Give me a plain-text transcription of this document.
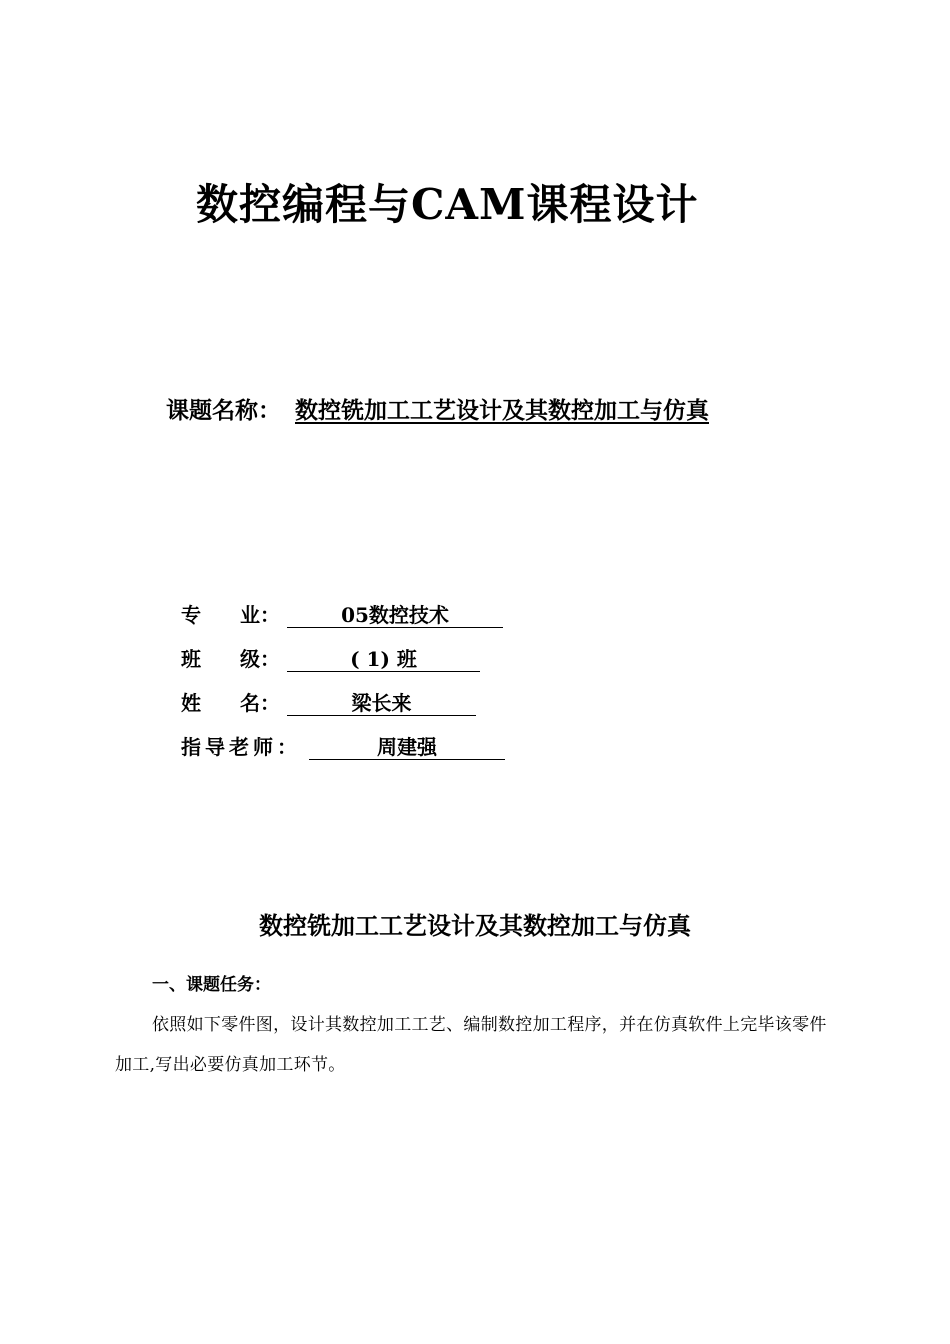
数控编程与CAM课程设计
课题名称： 数控铣加工工艺设计及其数控加工与仿真
专 业：	05数控技术
班 级：	( 1) 班
姓 名：	梁长来
指导老师：	周建强
数控铣加工工艺设计及其数控加工与仿真
一、课题任务：
依照如下零件图，设计其数控加工工艺、编制数控加工程序，并在仿真软件上完毕该零件加工,写出必要仿真加工环节。
